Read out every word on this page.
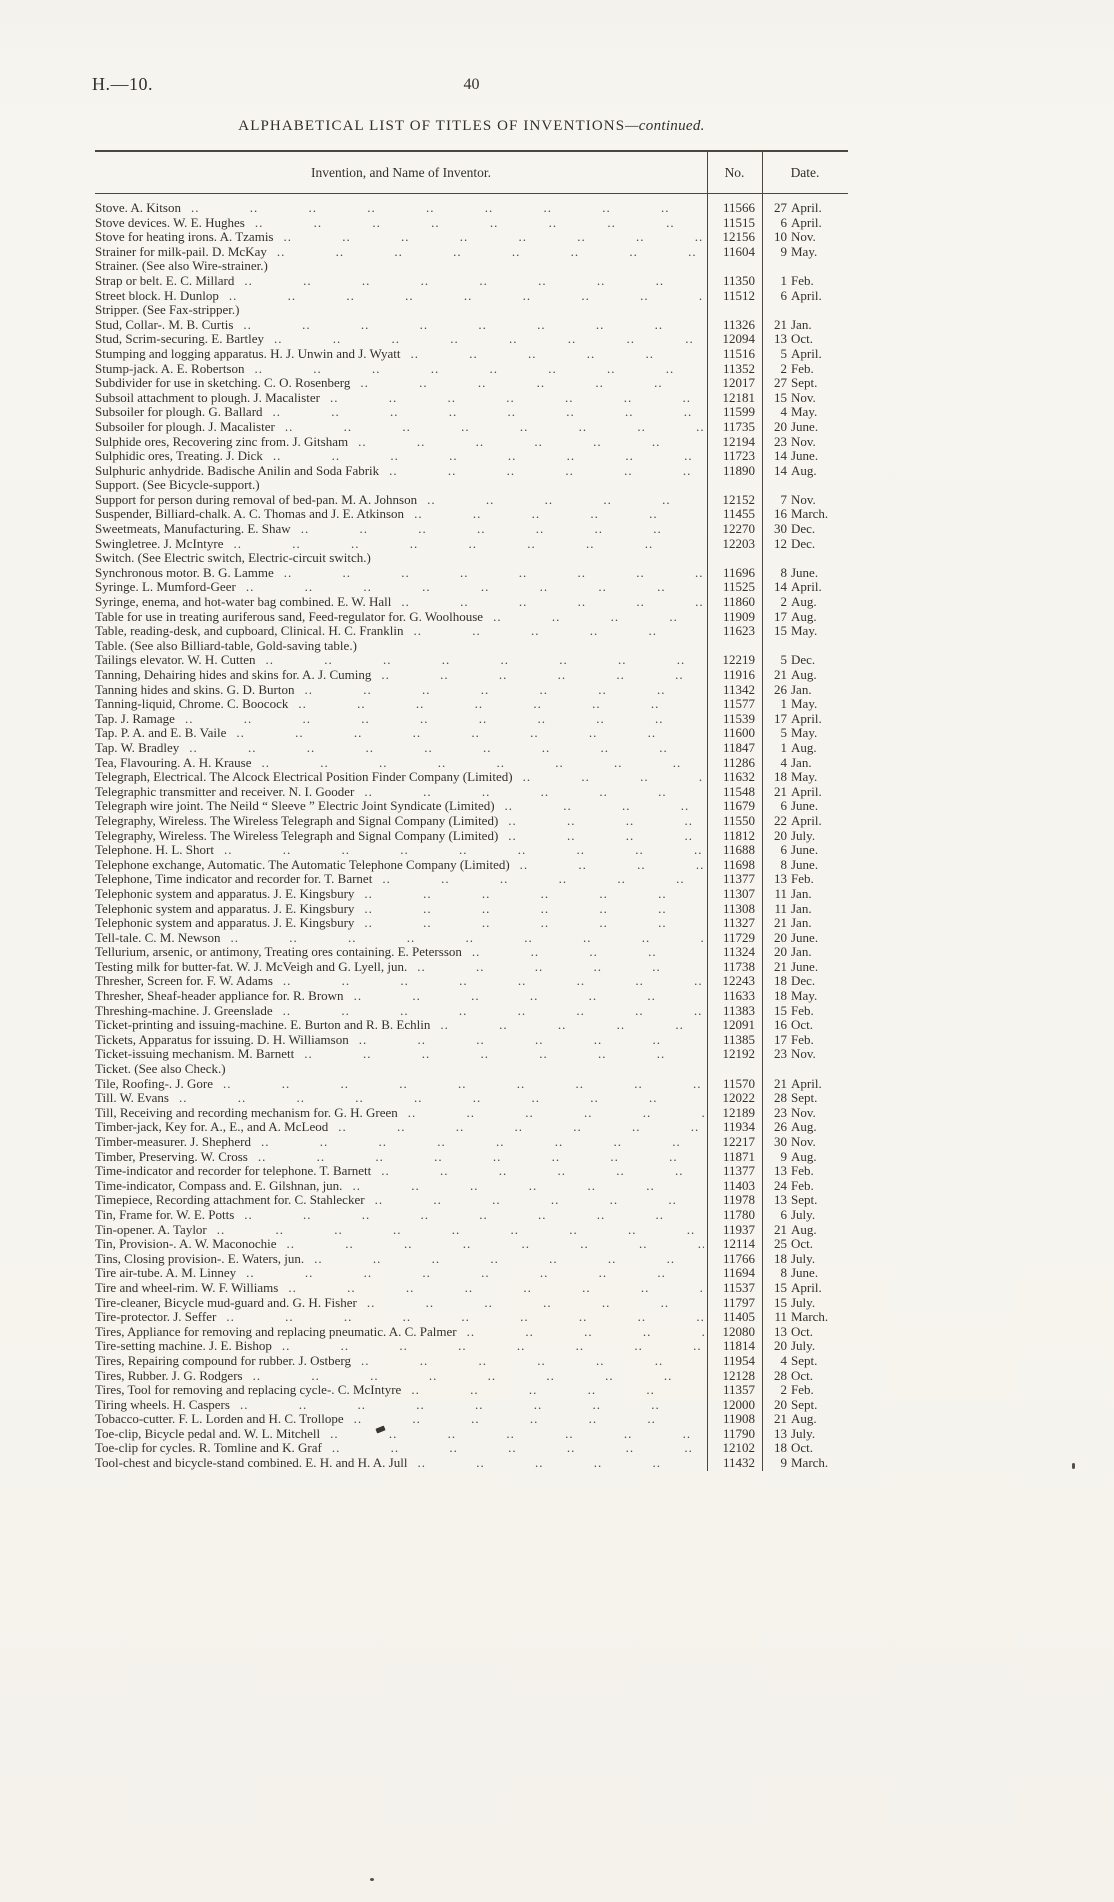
H.—10.	40
ALPHABETICAL LIST OF TITLES OF INVENTIONS—continued.
Invention, and Name of Inventor.	No.	Date.
Stove. A. Kitson .. ..	11566	27 April.
Stove devices. W. E. Hughes .. ..	11515	6 April.
Stove for heating irons. A. Tzamis .. ..	12156	10 Nov.
Strainer for milk-pail. D. McKay .. ..	11604	9 May.
Strainer. (See also Wire-strainer.)
Strap or belt. E. C. Millard .. ..	11350	1 Feb.
Street block. H. Dunlop .. ..	11512	6 April.
Stripper. (See Fax-stripper.)
Stud, Collar-. M. B. Curtis .. ..	11326	21 Jan.
Stud, Scrim-securing. E. Bartley .. ..	12094	13 Oct.
Stumping and logging apparatus. H. J. Unwin and J. Wyatt .. ..	11516	5 April.
Stump-jack. A. E. Robertson .. ..	11352	2 Feb.
Subdivider for use in sketching. C. O. Rosenberg .. ..	12017	27 Sept.
Subsoil attachment to plough. J. Macalister .. ..	12181	15 Nov.
Subsoiler for plough. G. Ballard .. ..	11599	4 May.
Subsoiler for plough. J. Macalister .. ..	11735	20 June.
Sulphide ores, Recovering zinc from. J. Gitsham .. ..	12194	23 Nov.
Sulphidic ores, Treating. J. Dick .. ..	11723	14 June.
Sulphuric anhydride. Badische Anilin and Soda Fabrik .. ..	11890	14 Aug.
Support. (See Bicycle-support.)
Support for person during removal of bed-pan. M. A. Johnson .. ..	12152	7 Nov.
Suspender, Billiard-chalk. A. C. Thomas and J. E. Atkinson .. ..	11455	16 March.
Sweetmeats, Manufacturing. E. Shaw .. ..	12270	30 Dec.
Swingletree. J. McIntyre .. ..	12203	12 Dec.
Switch. (See Electric switch, Electric-circuit switch.)
Synchronous motor. B. G. Lamme .. ..	11696	8 June.
Syringe. L. Mumford-Geer .. ..	11525	14 April.
Syringe, enema, and hot-water bag combined. E. W. Hall .. ..	11860	2 Aug.
Table for use in treating auriferous sand, Feed-regulator for. G. Woolhouse .. ..	11909	17 Aug.
Table, reading-desk, and cupboard, Clinical. H. C. Franklin .. ..	11623	15 May.
Table. (See also Billiard-table, Gold-saving table.)
Tailings elevator. W. H. Cutten .. ..	12219	5 Dec.
Tanning, Dehairing hides and skins for. A. J. Cuming .. ..	11916	21 Aug.
Tanning hides and skins. G. D. Burton .. ..	11342	26 Jan.
Tanning-liquid, Chrome. C. Boocock .. ..	11577	1 May.
Tap. J. Ramage .. ..	11539	17 April.
Tap. P. A. and E. B. Vaile .. ..	11600	5 May.
Tap. W. Bradley .. ..	11847	1 Aug.
Tea, Flavouring. A. H. Krause .. ..	11286	4 Jan.
Telegraph, Electrical. The Alcock Electrical Position Finder Company (Limited) .. ..	11632	18 May.
Telegraphic transmitter and receiver. N. I. Gooder .. ..	11548	21 April.
Telegraph wire joint. The Neild “ Sleeve ” Electric Joint Syndicate (Limited) .. ..	11679	6 June.
Telegraphy, Wireless. The Wireless Telegraph and Signal Company (Limited) .. ..	11550	22 April.
Telegraphy, Wireless. The Wireless Telegraph and Signal Company (Limited) .. ..	11812	20 July.
Telephone. H. L. Short .. ..	11688	6 June.
Telephone exchange, Automatic. The Automatic Telephone Company (Limited) .. ..	11698	8 June.
Telephone, Time indicator and recorder for. T. Barnet .. ..	11377	13 Feb.
Telephonic system and apparatus. J. E. Kingsbury .. ..	11307	11 Jan.
Telephonic system and apparatus. J. E. Kingsbury .. ..	11308	11 Jan.
Telephonic system and apparatus. J. E. Kingsbury .. ..	11327	21 Jan.
Tell-tale. C. M. Newson .. ..	11729	20 June.
Tellurium, arsenic, or antimony, Treating ores containing. E. Petersson .. ..	11324	20 Jan.
Testing milk for butter-fat. W. J. McVeigh and G. Lyell, jun. .. ..	11738	21 June.
Thresher, Screen for. F. W. Adams .. ..	12243	18 Dec.
Thresher, Sheaf-header appliance for. R. Brown .. ..	11633	18 May.
Threshing-machine. J. Greenslade .. ..	11383	15 Feb.
Ticket-printing and issuing-machine. E. Burton and R. B. Echlin .. ..	12091	16 Oct.
Tickets, Apparatus for issuing. D. H. Williamson .. ..	11385	17 Feb.
Ticket-issuing mechanism. M. Barnett .. ..	12192	23 Nov.
Ticket. (See also Check.)
Tile, Roofing-. J. Gore .. ..	11570	21 April.
Till. W. Evans .. ..	12022	28 Sept.
Till, Receiving and recording mechanism for. G. H. Green .. ..	12189	23 Nov.
Timber-jack, Key for. A., E., and A. McLeod .. ..	11934	26 Aug.
Timber-measurer. J. Shepherd .. ..	12217	30 Nov.
Timber, Preserving. W. Cross .. ..	11871	9 Aug.
Time-indicator and recorder for telephone. T. Barnett .. ..	11377	13 Feb.
Time-indicator, Compass and. E. Gilshnan, jun. .. ..	11403	24 Feb.
Timepiece, Recording attachment for. C. Stahlecker .. ..	11978	13 Sept.
Tin, Frame for. W. E. Potts .. ..	11780	6 July.
Tin-opener. A. Taylor .. ..	11937	21 Aug.
Tin, Provision-. A. W. Maconochie .. ..	12114	25 Oct.
Tins, Closing provision-. E. Waters, jun. .. ..	11766	18 July.
Tire air-tube. A. M. Linney .. ..	11694	8 June.
Tire and wheel-rim. W. F. Williams .. ..	11537	15 April.
Tire-cleaner, Bicycle mud-guard and. G. H. Fisher .. ..	11797	15 July.
Tire-protector. J. Seffer .. ..	11405	11 March.
Tires, Appliance for removing and replacing pneumatic. A. C. Palmer .. ..	12080	13 Oct.
Tire-setting machine. J. E. Bishop .. ..	11814	20 July.
Tires, Repairing compound for rubber. J. Ostberg .. ..	11954	4 Sept.
Tires, Rubber. J. G. Rodgers .. ..	12128	28 Oct.
Tires, Tool for removing and replacing cycle-. C. McIntyre .. ..	11357	2 Feb.
Tiring wheels. H. Caspers .. ..	12000	20 Sept.
Tobacco-cutter. F. L. Lorden and H. C. Trollope .. ..	11908	21 Aug.
Toe-clip, Bicycle pedal and. W. L. Mitchell .. ..	11790	13 July.
Toe-clip for cycles. R. Tomline and K. Graf .. ..	12102	18 Oct.
Tool-chest and bicycle-stand combined. E. H. and H. A. Jull .. ..	11432	9 March.
